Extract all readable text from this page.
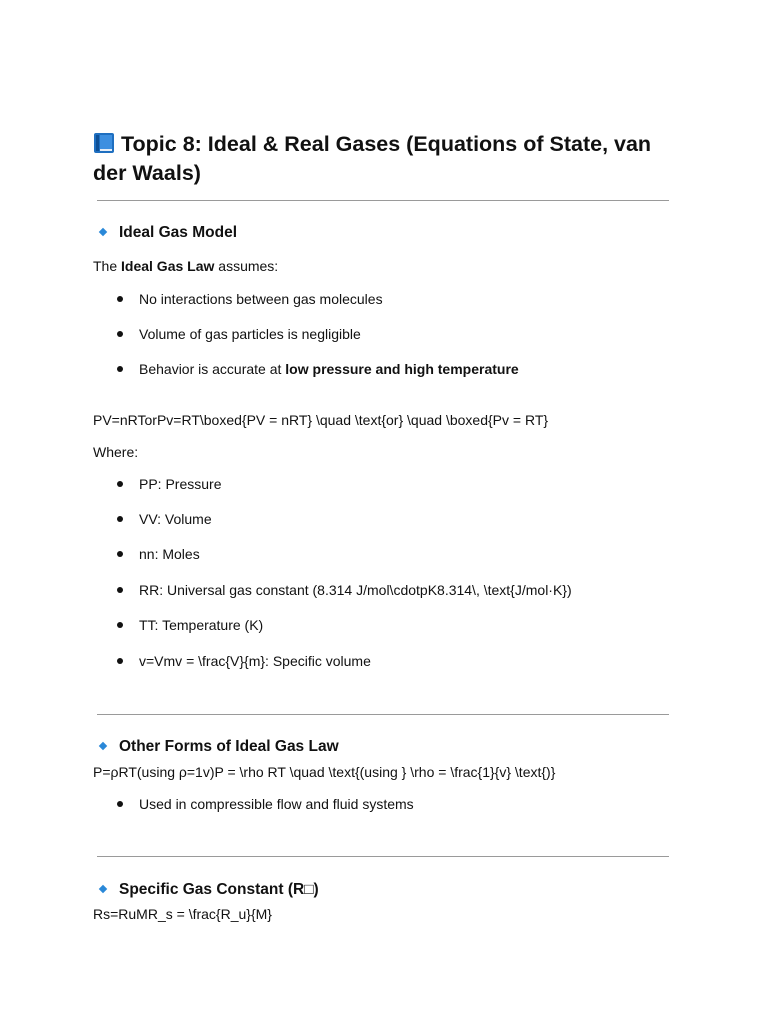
Topic 8: Ideal & Real Gases (Equations of State, van der Waals)
Ideal Gas Model

The Ideal Gas Law assumes:

No interactions between gas molecules
Volume of gas particles is negligible
Behavior is accurate at low pressure and high temperature

PV=nRTorPv=RT\boxed{PV = nRT} \quad \text{or} \quad \boxed{Pv = RT}

Where:

PP: Pressure
VV: Volume
nn: Moles
RR: Universal gas constant (8.314 J/mol\cdotpK8.314\, \text{J/mol·K})
TT: Temperature (K)
v=Vmv = \frac{V}{m}: Specific volume
Other Forms of Ideal Gas Law

P=ρRT(using ρ=1v)P = \rho RT \quad \text{(using } \rho = \frac{1}{v} \text{)}

Used in compressible flow and fluid systems
Specific Gas Constant (R□)

Rs=RuMR_s = \frac{R_u}{M}
